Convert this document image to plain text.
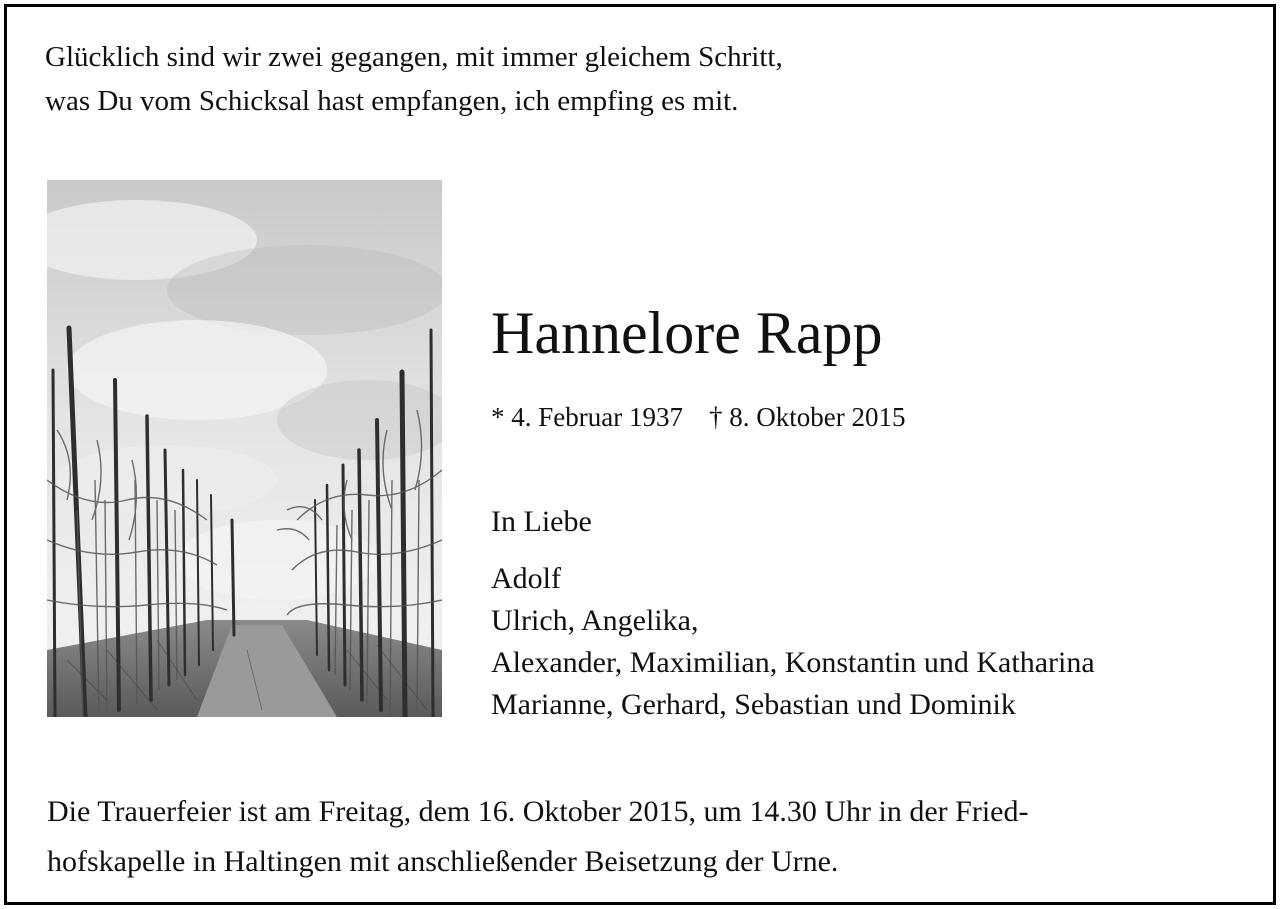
Glücklich sind wir zwei gegangen, mit immer gleichem Schritt,
was Du vom Schicksal hast empfangen, ich empfing es mit.
Hannelore Rapp
* 4. Februar 1937 † 8. Oktober 2015
In Liebe
Adolf
Ulrich, Angelika,
Alexander, Maximilian, Konstantin und Katharina
Marianne, Gerhard, Sebastian und Dominik
Die Trauerfeier ist am Freitag, dem 16. Oktober 2015, um 14.30 Uhr in der Fried-
hofskapelle in Haltingen mit anschließender Beisetzung der Urne.
